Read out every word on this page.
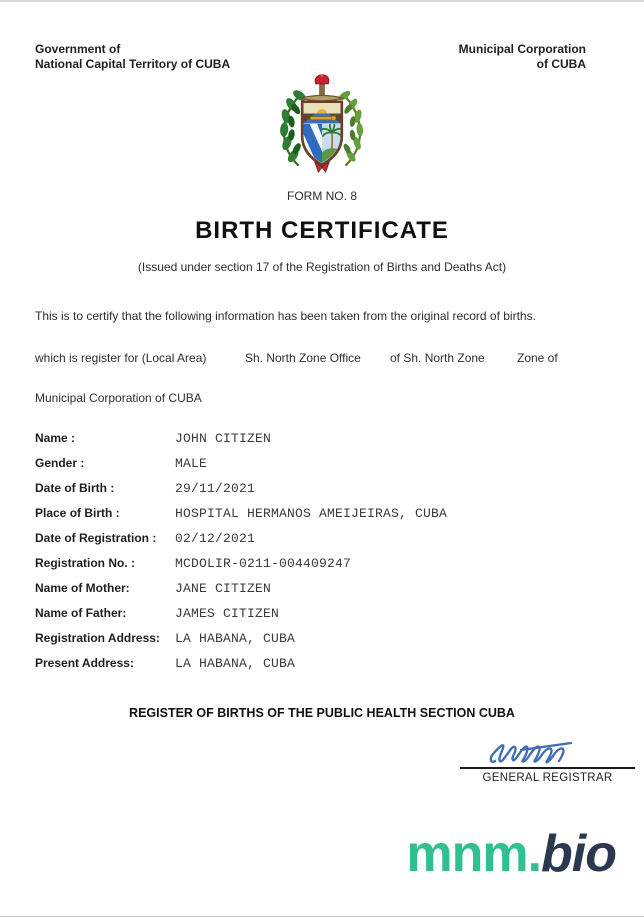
Government of
National Capital Territory of CUBA
Municipal Corporation
of CUBA
FORM NO. 8
BIRTH CERTIFICATE
(Issued under section 17 of the Registration of Births and Deaths Act)
This is to certify that the following information has been taken from the original record of births.
which is register for (Local Area)	Sh. North Zone Office of Sh. North Zone	Zone of
Municipal Corporation of CUBA
Name :	JOHN CITIZEN
Gender :	MALE
Date of Birth :	29/11/2021
Place of Birth :	HOSPITAL HERMANOS AMEIJEIRAS, CUBA
Date of Registration :	02/12/2021
Registration No. :	MCDOLIR-0211-004409247
Name of Mother:	JANE CITIZEN
Name of Father:	JAMES CITIZEN
Registration Address:	LA HABANA, CUBA
Present Address:	LA HABANA, CUBA
REGISTER OF BIRTHS OF THE PUBLIC HEALTH SECTION CUBA
GENERAL REGISTRAR
mnm.bio
